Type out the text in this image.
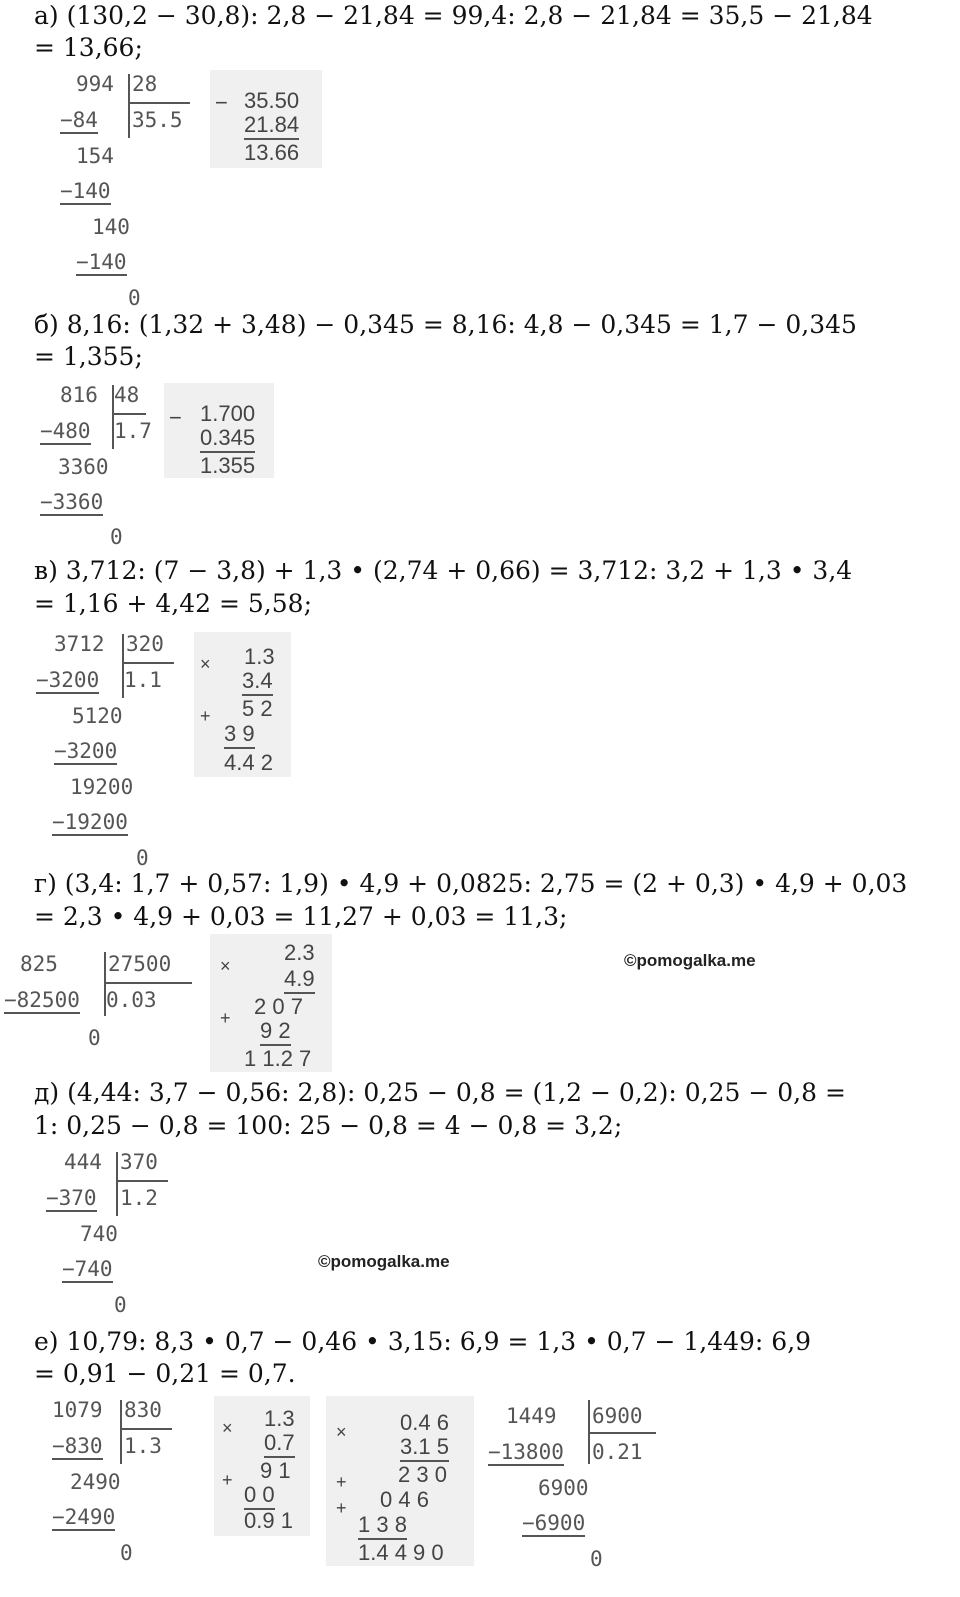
а) (130,2 − 30,8): 2,8 − 21,84 = 99,4: 2,8 − 21,84 = 35,5 − 21,84
= 13,66;
994 28
−84 35.5
154
−140
140
−140
0
− 35.50
21.84
13.66
б) 8,16: (1,32 + 3,48) − 0,345 = 8,16: 4,8 − 0,345 = 1,7 − 0,345
= 1,355;
816 48
−480 1.7
3360
−3360
0
− 1.700
0.345
1.355
в) 3,712: (7 − 3,8) + 1,3 • (2,74 + 0,66) = 3,712: 3,2 + 1,3 • 3,4
= 1,16 + 4,42 = 5,58;
3712 320
−3200 1.1
5120
−3200
19200
−19200
0
× 1.3
3.4
+ 5 2
3 9
4.4 2
г) (3,4: 1,7 + 0,57: 1,9) • 4,9 + 0,0825: 2,75 = (2 + 0,3) • 4,9 + 0,03
= 2,3 • 4,9 + 0,03 = 11,27 + 0,03 = 11,3;
825 27500
−82500 0.03
0
×
2.3
4.9
+ 2 0 7
9 2
1 1.2 7
©pomogalka.me
д) (4,44: 3,7 − 0,56: 2,8): 0,25 − 0,8 = (1,2 − 0,2): 0,25 − 0,8 =
1: 0,25 − 0,8 = 100: 25 − 0,8 = 4 − 0,8 = 3,2;
444 370
−370 1.2
740
−740
0
©pomogalka.me
е) 10,79: 8,3 • 0,7 − 0,46 • 3,15: 6,9 = 1,3 • 0,7 − 1,449: 6,9
= 0,91 − 0,21 = 0,7.
1079 830
−830 1.3
2490
−2490
0
× 1.3
0.7
+ 9 1
0 0
0.9 1
× 0.4 6
3.1 5
+ 2 3 0
+ 0 4 6
1 3 8
1.4 4 9 0
1449 6900
−13800 0.21
6900
−6900
0
